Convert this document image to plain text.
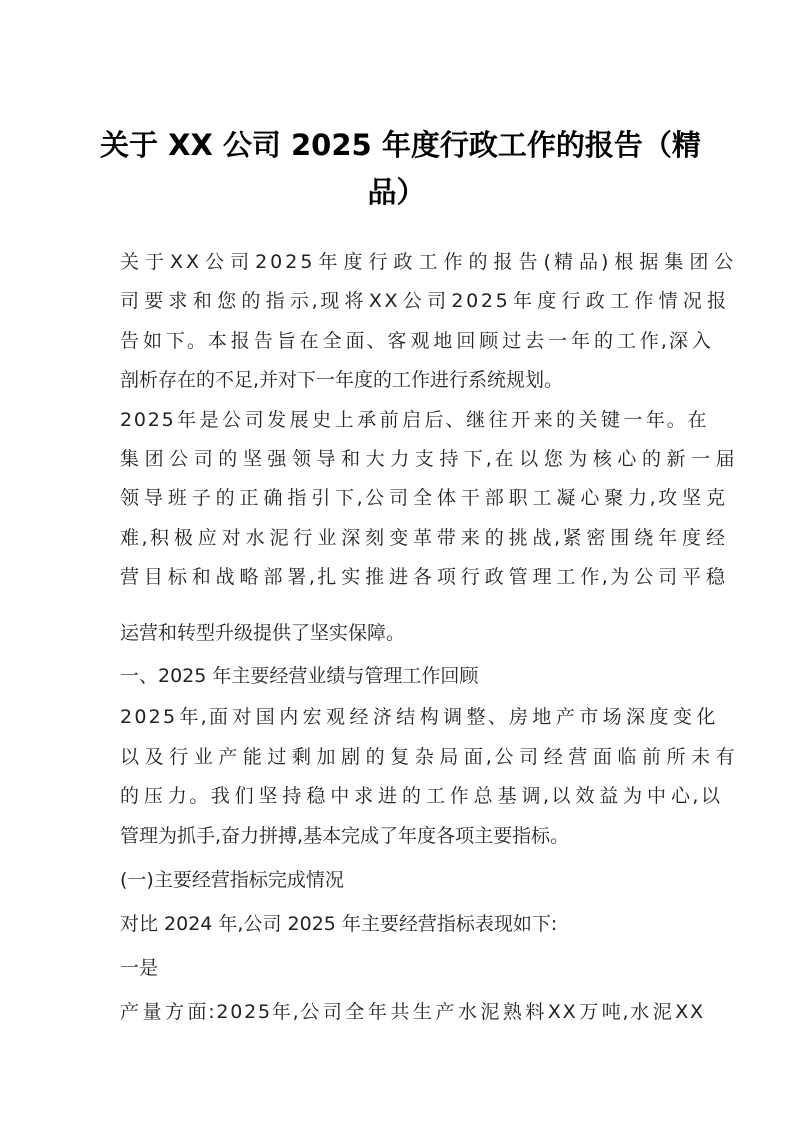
关于 XX 公司 2025 年度行政工作的报告（精
品）
关 于 XX 公 司 2025 年 度 行 政 工 作 的 报 告 (精 品) 根 据 集 团 公
司 要 求 和 您 的 指 示,现 将 XX 公 司 2025 年 度 行 政 工 作 情 况 报
告 如 下。本 报 告 旨 在 全 面、客 观 地 回 顾 过 去 一 年 的 工 作,深 入
剖析存在的不足,并对下一年度的工作进行系统规划。
2025 年 是 公 司 发 展 史 上 承 前 启 后、继 往 开 来 的 关 键 一 年。在
集 团 公 司 的 坚 强 领 导 和 大 力 支 持 下,在 以 您 为 核 心 的 新 一 届
领 导 班 子 的 正 确 指 引 下,公 司 全 体 干 部 职 工 凝 心 聚 力,攻 坚 克
难,积 极 应 对 水 泥 行 业 深 刻 变 革 带 来 的 挑 战,紧 密 围 绕 年 度 经
营 目 标 和 战 略 部 署,扎 实 推 进 各 项 行 政 管 理 工 作,为 公 司 平 稳
运营和转型升级提供了坚实保障。
一、2025 年主要经营业绩与管理工作回顾
2025 年,面 对 国 内 宏 观 经 济 结 构 调 整、房 地 产 市 场 深 度 变 化
以 及 行 业 产 能 过 剩 加 剧 的 复 杂 局 面,公 司 经 营 面 临 前 所 未 有
的 压 力。我 们 坚 持 稳 中 求 进 的 工 作 总 基 调,以 效 益 为 中 心,以
管理为抓手,奋力拼搏,基本完成了年度各项主要指标。
(一)主要经营指标完成情况
对比 2024 年,公司 2025 年主要经营指标表现如下:
一是
产 量 方 面:2025年,公 司 全 年 共 生 产 水 泥 熟 料 XX 万 吨,水 泥 XX
